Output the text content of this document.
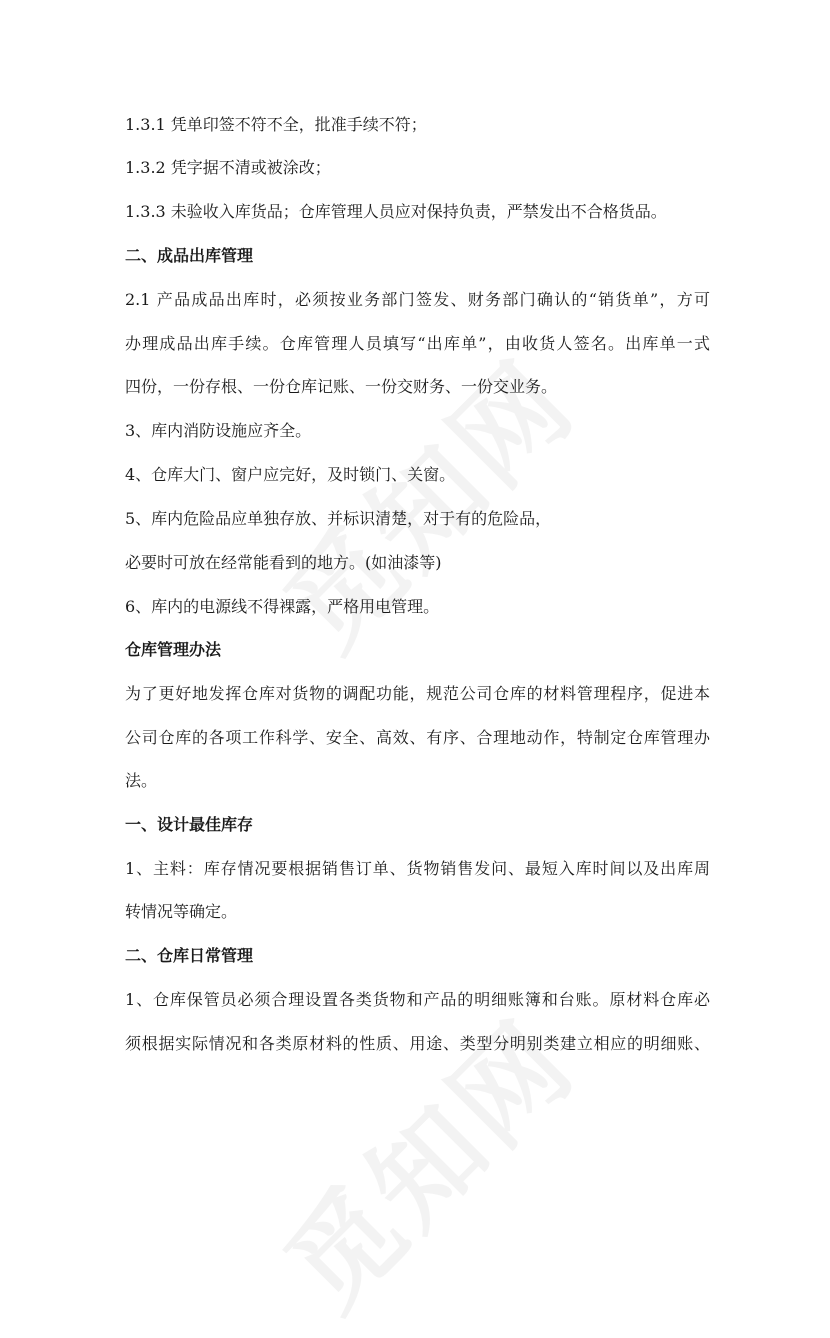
1.3.1 凭单印签不符不全，批准手续不符；
1.3.2 凭字据不清或被涂改；
1.3.3 未验收入库货品；仓库管理人员应对保持负责，严禁发出不合格货品。
二、成品出库管理
2.1 产品成品出库时，必须按业务部门签发、财务部门确认的“销货单”，方可
办理成品出库手续。仓库管理人员填写“出库单”，由收货人签名。出库单一式
四份，一份存根、一份仓库记账、一份交财务、一份交业务。
3、库内消防设施应齐全。
4、仓库大门、窗户应完好，及时锁门、关窗。
5、库内危险品应单独存放、并标识清楚，对于有的危险品，
必要时可放在经常能看到的地方。(如油漆等)
6、库内的电源线不得裸露，严格用电管理。
仓库管理办法
为了更好地发挥仓库对货物的调配功能，规范公司仓库的材料管理程序，促进本
公司仓库的各项工作科学、安全、高效、有序、合理地动作，特制定仓库管理办
法。
一、设计最佳库存
1、主料：库存情况要根据销售订单、货物销售发问、最短入库时间以及出库周
转情况等确定。
二、仓库日常管理
1、仓库保管员必须合理设置各类货物和产品的明细账簿和台账。原材料仓库必
须根据实际情况和各类原材料的性质、用途、类型分明别类建立相应的明细账、
